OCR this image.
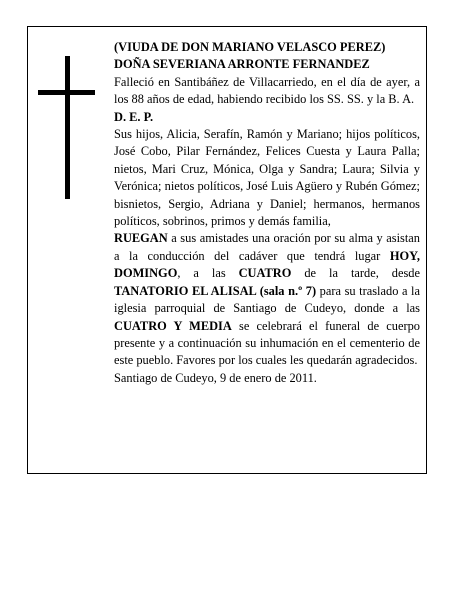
(VIUDA DE DON MARIANO VELASCO PEREZ)

DOÑA SEVERIANA ARRONTE FERNANDEZ

Falleció en Santibáñez de Villacarriedo, en el día de ayer, a los 88 años de edad, habiendo recibido los SS. SS. y la B. A.

D. E. P.

Sus hijos, Alicia, Serafín, Ramón y Mariano; hijos políticos, José Cobo, Pilar Fernández, Felices Cuesta y Laura Palla; nietos, Mari Cruz, Mónica, Olga y Sandra; Laura; Silvia y Verónica; nietos políticos, José Luis Agüero y Rubén Gómez; bisnietos, Sergio, Adriana y Daniel; hermanos, hermanos políticos, sobrinos, primos y demás familia,

RUEGAN a sus amistades una oración por su alma y asistan a la conducción del cadáver que tendrá lugar HOY, DOMINGO, a las CUATRO de la tarde, desde TANATORIO EL ALISAL (sala n.º 7) para su traslado a la iglesia parroquial de Santiago de Cudeyo, donde a las CUATRO Y MEDIA se celebrará el funeral de cuerpo presente y a continuación su inhumación en el cementerio de este pueblo. Favores por los cuales les quedarán agradecidos.

Santiago de Cudeyo, 9 de enero de 2011.
